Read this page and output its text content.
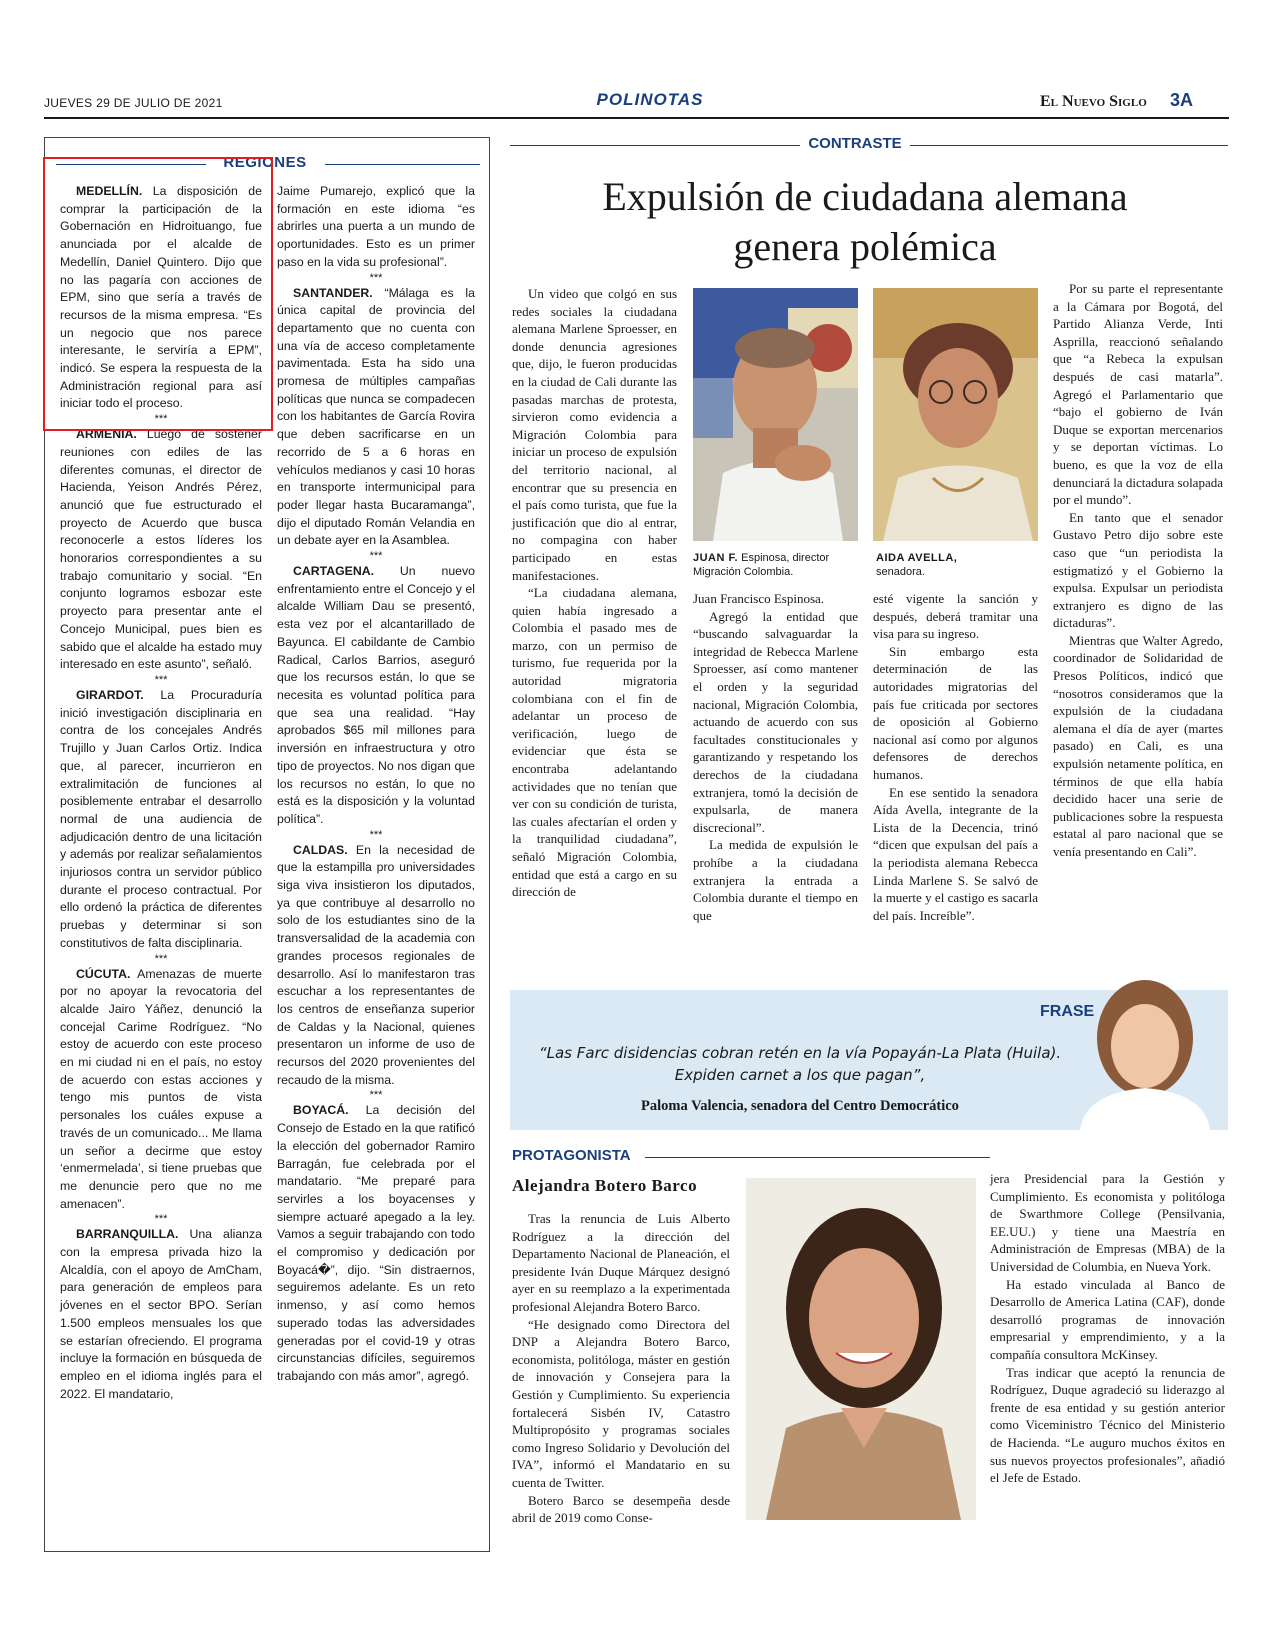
JUEVES 29 DE JULIO DE 2021	POLINOTAS	El Nuevo Siglo 3A
REGIONES

MEDELLÍN. La disposición de comprar la participación de la Gobernación en Hidroituango, fue anunciada por el alcalde de Medellín, Daniel Quintero. Dijo que no las pagaría con acciones de EPM, sino que sería a través de recursos de la misma empresa. “Es un negocio que nos parece interesante, le serviría a EPM”, indicó. Se espera la respuesta de la Administración regional para así iniciar todo el proceso.

***

ARMENIA. Luego de sostener reuniones con ediles de las diferentes comunas, el director de Hacienda, Yeison Andrés Pérez, anunció que fue estructurado el proyecto de Acuerdo que busca reconocerle a estos líderes los honorarios correspondientes a su trabajo comunitario y social. “En conjunto logramos esbozar este proyecto para presentar ante el Concejo Municipal, pues bien es sabido que el alcalde ha estado muy interesado en este asunto”, señaló.

***

GIRARDOT. La Procuraduría inició investigación disciplinaria en contra de los concejales Andrés Trujillo y Juan Carlos Ortiz. Indica que, al parecer, incurrieron en extralimitación de funciones al posiblemente entrabar el desarrollo normal de una audiencia de adjudicación dentro de una licitación y además por realizar señalamientos injuriosos contra un servidor público durante el proceso contractual. Por ello ordenó la práctica de diferentes pruebas y determinar si son constitutivos de falta disciplinaria.

***

CÚCUTA. Amenazas de muerte por no apoyar la revocatoria del alcalde Jairo Yáñez, denunció la concejal Carime Rodríguez. “No estoy de acuerdo con este proceso en mi ciudad ni en el país, no estoy de acuerdo con estas acciones y tengo mis puntos de vista personales los cuáles expuse a través de un comunicado... Me llama un señor a decirme que estoy ‘enmermelada’, si tiene pruebas que me denuncie pero que no me amenacen”.

***

BARRANQUILLA. Una alianza con la empresa privada hizo la Alcaldía, con el apoyo de AmCham, para generación de empleos para jóvenes en el sector BPO. Serían 1.500 empleos mensuales los que se estarían ofreciendo. El programa incluye la formación en búsqueda de empleo en el idioma inglés para el 2022. El mandatario,

Jaime Pumarejo, explicó que la formación en este idioma “es abrirles una puerta a un mundo de oportunidades. Esto es un primer paso en la vida su profesional”.

***

SANTANDER. “Málaga es la única capital de provincia del departamento que no cuenta con una vía de acceso completamente pavimentada. Esta ha sido una promesa de múltiples campañas políticas que nunca se compadecen con los habitantes de García Rovira que deben sacrificarse en un recorrido de 5 a 6 horas en vehículos medianos y casi 10 horas en transporte intermunicipal para poder llegar hasta Bucaramanga”, dijo el diputado Román Velandia en un debate ayer en la Asamblea.

***

CARTAGENA. Un nuevo enfrentamiento entre el Concejo y el alcalde William Dau se presentó, esta vez por el alcantarillado de Bayunca. El cabildante de Cambio Radical, Carlos Barrios, aseguró que los recursos están, lo que se necesita es voluntad política para que sea una realidad. “Hay aprobados $65 mil millones para inversión en infraestructura y otro tipo de proyectos. No nos digan que los recursos no están, lo que no está es la disposición y la voluntad política”.

***

CALDAS. En la necesidad de que la estampilla pro universidades siga viva insistieron los diputados, ya que contribuye al desarrollo no solo de los estudiantes sino de la transversalidad de la academia con grandes procesos regionales de desarrollo. Así lo manifestaron tras escuchar a los representantes de los centros de enseñanza superior de Caldas y la Nacional, quienes presentaron un informe de uso de recursos del 2020 provenientes del recaudo de la misma.

***

BOYACÁ. La decisión del Consejo de Estado en la que ratificó la elección del gobernador Ramiro Barragán, fue celebrada por el mandatario. “Me preparé para servirles a los boyacenses y siempre actuaré apegado a la ley. Vamos a seguir trabajando con todo el compromiso y dedicación por Boyacá�”, dijo. “Sin distraernos, seguiremos adelante. Es un reto inmenso, y así como hemos superado todas las adversidades generadas por el covid-19 y otras circunstancias difíciles, seguiremos trabajando con más amor”, agregó.

CONTRASTE
Expulsión de ciudadana alemana genera polémica

Un video que colgó en sus redes sociales la ciudadana alemana Marlene Sproesser, en donde denuncia agresiones que, dijo, le fueron producidas en la ciudad de Cali durante las pasadas marchas de protesta, sirvieron como evidencia a Migración Colombia para iniciar un proceso de expulsión del territorio nacional, al encontrar que su presencia en el país como turista, que fue la justificación que dio al entrar, no compagina con haber participado en estas manifestaciones.

“La ciudadana alemana, quien había ingresado a Colombia el pasado mes de marzo, con un permiso de turismo, fue requerida por la autoridad migratoria colombiana con el fin de adelantar un proceso de verificación, luego de evidenciar que ésta se encontraba adelantando actividades que no tenían que ver con su condición de turista, las cuales afectarían el orden y la tranquilidad ciudadana”, señaló Migración Colombia, entidad que está a cargo en su dirección de

JUAN F. Espinosa, director Migración Colombia.
AIDA AVELLA,
senadora.

Juan Francisco Espinosa.

Agregó la entidad que “buscando salvaguardar la integridad de Rebecca Marlene Sproesser, así como mantener el orden y la seguridad nacional, Migración Colombia, actuando de acuerdo con sus facultades constitucionales y garantizando y respetando los derechos de la ciudadana extranjera, tomó la decisión de expulsarla, de manera discrecional”.

La medida de expulsión le prohíbe a la ciudadana extranjera la entrada a Colombia durante el tiempo en que

esté vigente la sanción y después, deberá tramitar una visa para su ingreso.

Sin embargo esta determinación de las autoridades migratorias del país fue criticada por sectores de oposición al Gobierno nacional así como por algunos defensores de derechos humanos.

En ese sentido la senadora Aída Avella, integrante de la Lista de la Decencia, trinó “dicen que expulsan del país a la periodista alemana Rebecca Linda Marlene S. Se salvó de la muerte y el castigo es sacarla del país. Increíble”.

Por su parte el representante a la Cámara por Bogotá, del Partido Alianza Verde, Inti Asprilla, reaccionó señalando que “a Rebeca la expulsan después de casi matarla”. Agregó el Parlamentario que “bajo el gobierno de Iván Duque se exportan mercenarios y se deportan víctimas. Lo bueno, es que la voz de ella denunciará la dictadura solapada por el mundo”.

En tanto que el senador Gustavo Petro dijo sobre este caso que “un periodista la estigmatizó y el Gobierno la expulsa. Expulsar un periodista extranjero es digno de las dictaduras”.

Mientras que Walter Agredo, coordinador de Solidaridad de Presos Políticos, indicó que “nosotros consideramos que la expulsión de la ciudadana alemana el día de ayer (martes pasado) en Cali, es una expulsión netamente política, en términos de que ella había decidido hacer una serie de publicaciones sobre la respuesta estatal al paro nacional que se venía presentando en Cali”.

FRASE
“Las Farc disidencias cobran retén en la vía Popayán-La Plata (Huila). Expiden carnet a los que pagan”,
Paloma Valencia, senadora del Centro Democrático
PROTAGONISTA
Alejandra Botero Barco

Tras la renuncia de Luis Alberto Rodríguez a la dirección del Departamento Nacional de Planeación, el presidente Iván Duque Márquez designó ayer en su reemplazo a la experimentada profesional Alejandra Botero Barco.

“He designado como Directora del DNP a Alejandra Botero Barco, economista, politóloga, máster en gestión de innovación y Consejera para la Gestión y Cumplimiento. Su experiencia fortalecerá Sisbén IV, Catastro Multipropósito y programas sociales como Ingreso Solidario y Devolución del IVA”, informó el Mandatario en su cuenta de Twitter.

Botero Barco se desempeña desde abril de 2019 como Conse-

jera Presidencial para la Gestión y Cumplimiento. Es economista y politóloga de Swarthmore College (Pensilvania, EE.UU.) y tiene una Maestría en Administración de Empresas (MBA) de la Universidad de Columbia, en Nueva York.

Ha estado vinculada al Banco de Desarrollo de America Latina (CAF), donde desarrolló programas de innovación empresarial y emprendimiento, y a la compañía consultora McKinsey.

Tras indicar que aceptó la renuncia de Rodríguez, Duque agradeció su liderazgo al frente de esa entidad y su gestión anterior como Viceministro Técnico del Ministerio de Hacienda. “Le auguro muchos éxitos en sus nuevos proyectos profesionales”, añadió el Jefe de Estado.
